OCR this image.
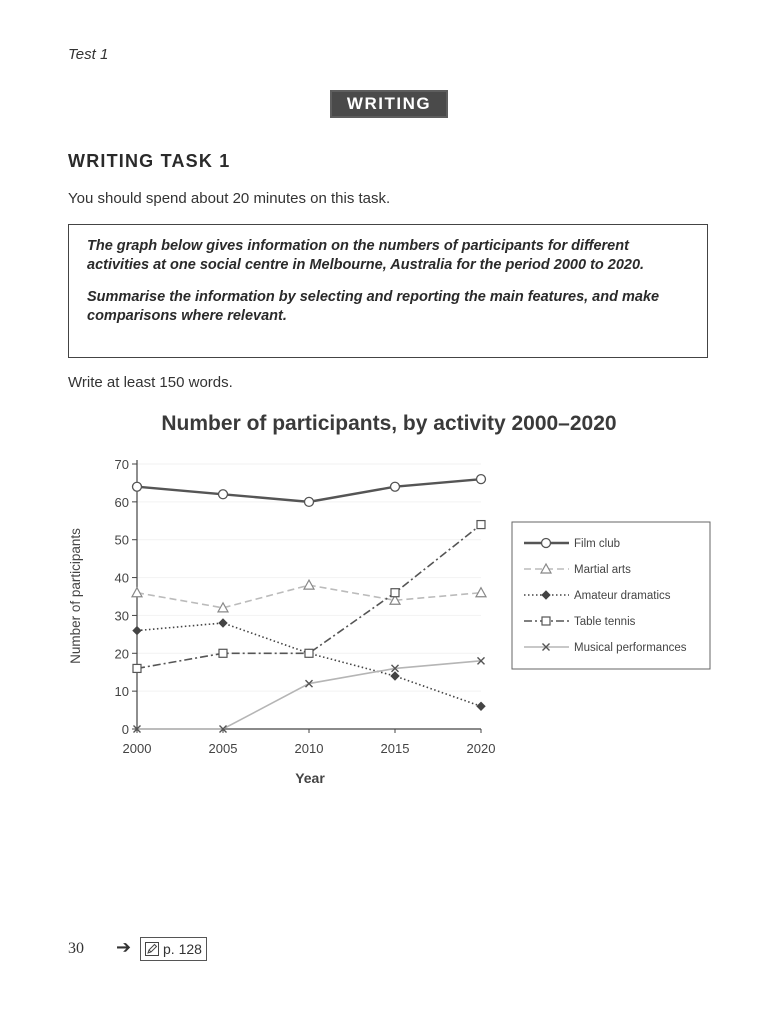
Test 1
WRITING
WRITING TASK 1
You should spend about 20 minutes on this task.

The graph below gives information on the numbers of participants for different activities at one social centre in Melbourne, Australia for the period 2000 to 2020.

Summarise the information by selecting and reporting the main features, and make comparisons where relevant.

Write at least 150 words.
Number of participants, by activity 2000–2020
0
10
20
30
40
50
60
70
2000	2005	2010	2015	2020
Year
Number of participants	Film club
Martial arts
Amateur dramatics
Table tennis
Musical performances
30 ➔ p. 128
